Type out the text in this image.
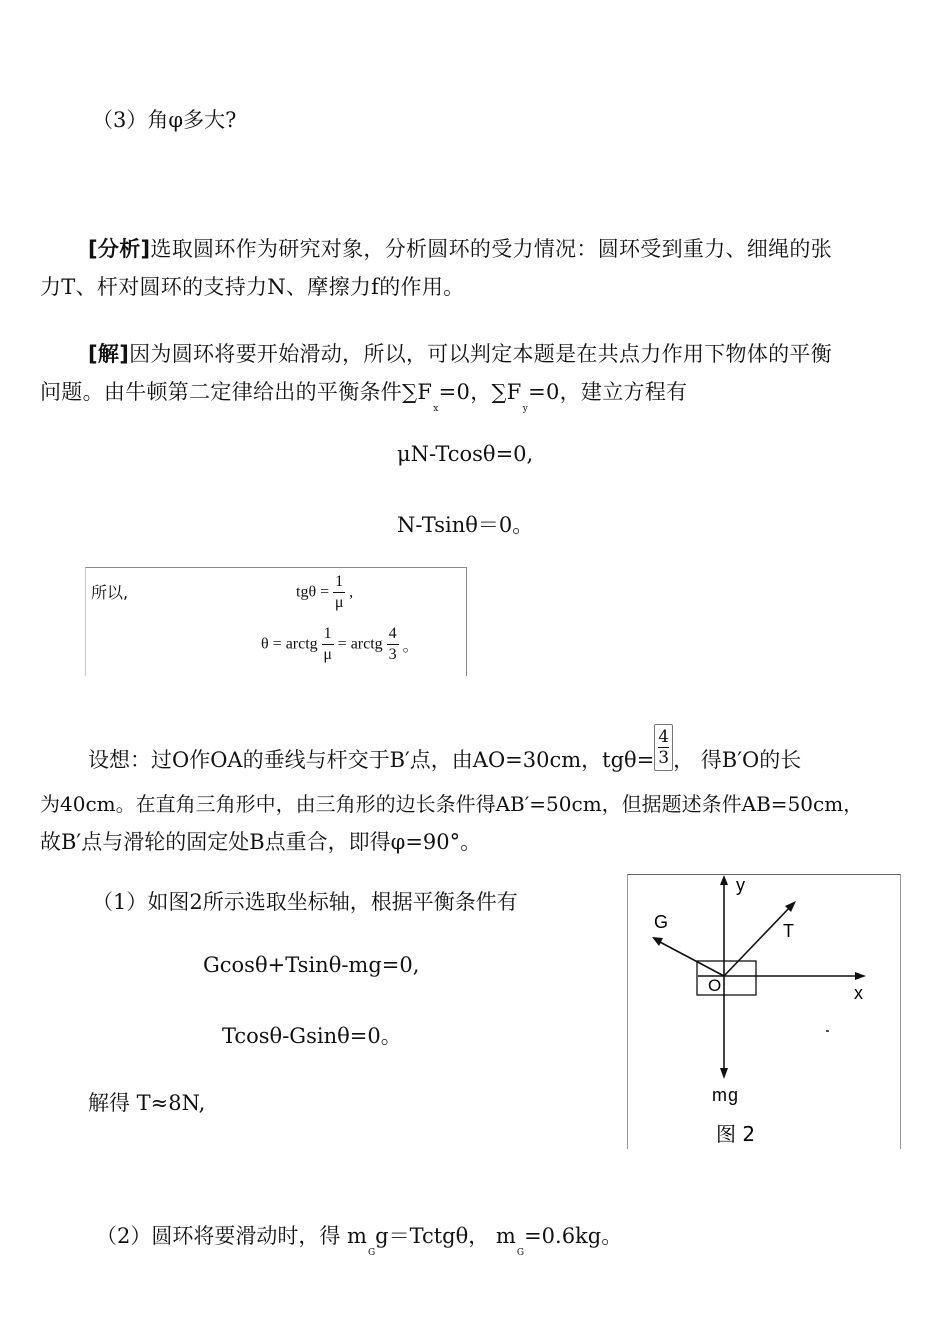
（3）角φ多大?
[分析]选取圆环作为研究对象，分析圆环的受力情况：圆环受到重力、细绳的张
力T、杆对圆环的支持力N、摩擦力f的作用。
[解]因为圆环将要开始滑动，所以，可以判定本题是在共点力作用下物体的平衡
问题。由牛顿第二定律给出的平衡条件$\sum F_x=0$，$\sum F_y=0$，建立方程有
μN-Tcosθ=0,
N-Tsinθ＝0。
所以,	$tg\theta = \frac{1}{\mu}$ ,
θ = arctg $\frac{1}{\mu}$ = arctg $\frac{4}{3}$ 。
设想：过O作OA的垂线与杆交于B′点，由AO=30cm，$tg\theta= \frac{4}{3}$ ， 得B′O的长
为40cm。在直角三角形中，由三角形的边长条件得AB′=50cm，但据题述条件AB=50cm，
故B′点与滑轮的固定处B点重合，即得φ=90°。
（1）如图2所示选取坐标轴，根据平衡条件有
Gcosθ+Tsinθ-mg=0,
Tcosθ-Gsinθ=0。
解得 T≈8N,
y
x
G	T
O
mg
图 2
（2）圆环将要滑动时，得 $m_Gg=Tctg\theta$， $m_G=0.6kg$。
